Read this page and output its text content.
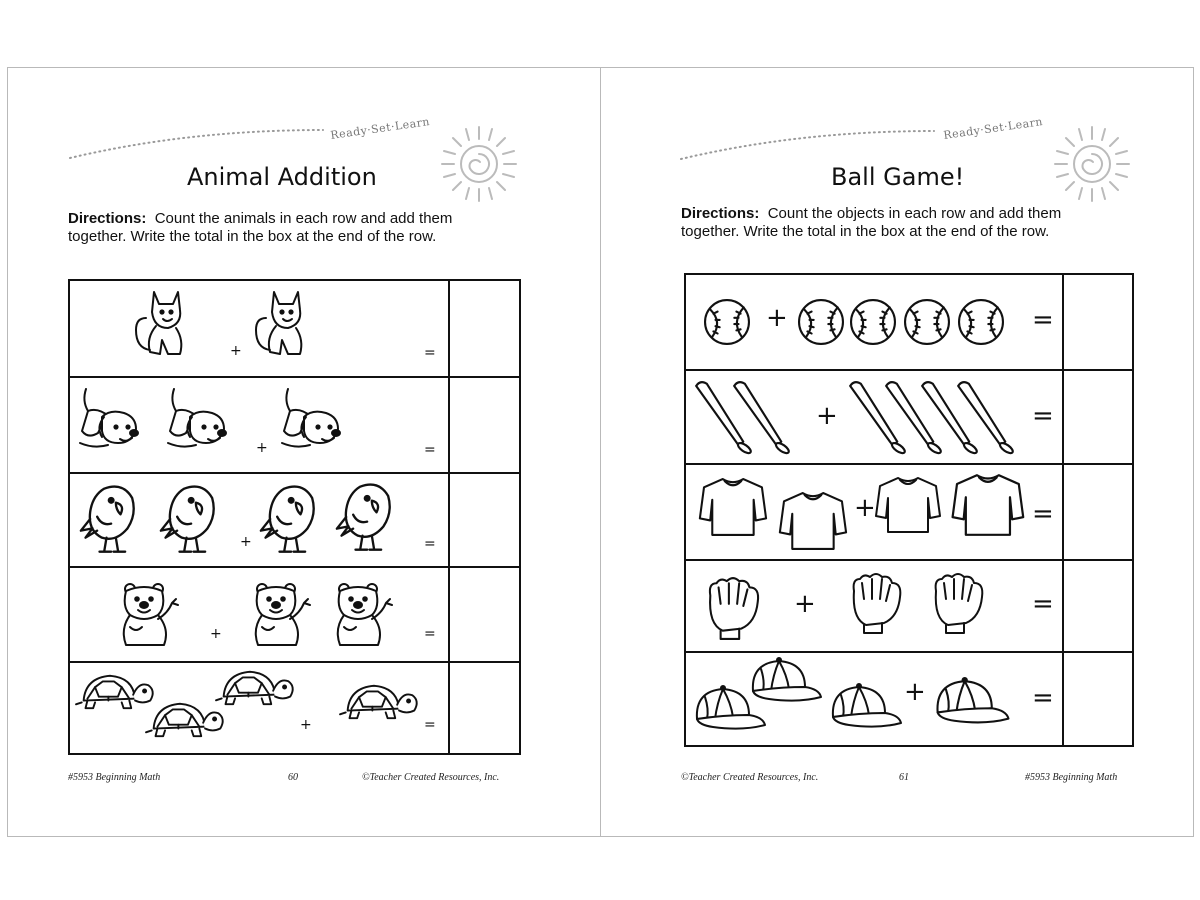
Ready·Set·Learn
Animal Addition
Directions: Count the animals in each row and add them
together. Write the total in the box at the end of the row.
+	=
+	=
+	=
+	=
+	=
#5953 Beginning Math	60	©Teacher Created Resources, Inc.
Ready·Set·Learn
Ball Game!
Directions: Count the objects in each row and add them
together. Write the total in the box at the end of the row.
+	=
+	=
+	=
+	=
+	=
©Teacher Created Resources, Inc.	61	#5953 Beginning Math
